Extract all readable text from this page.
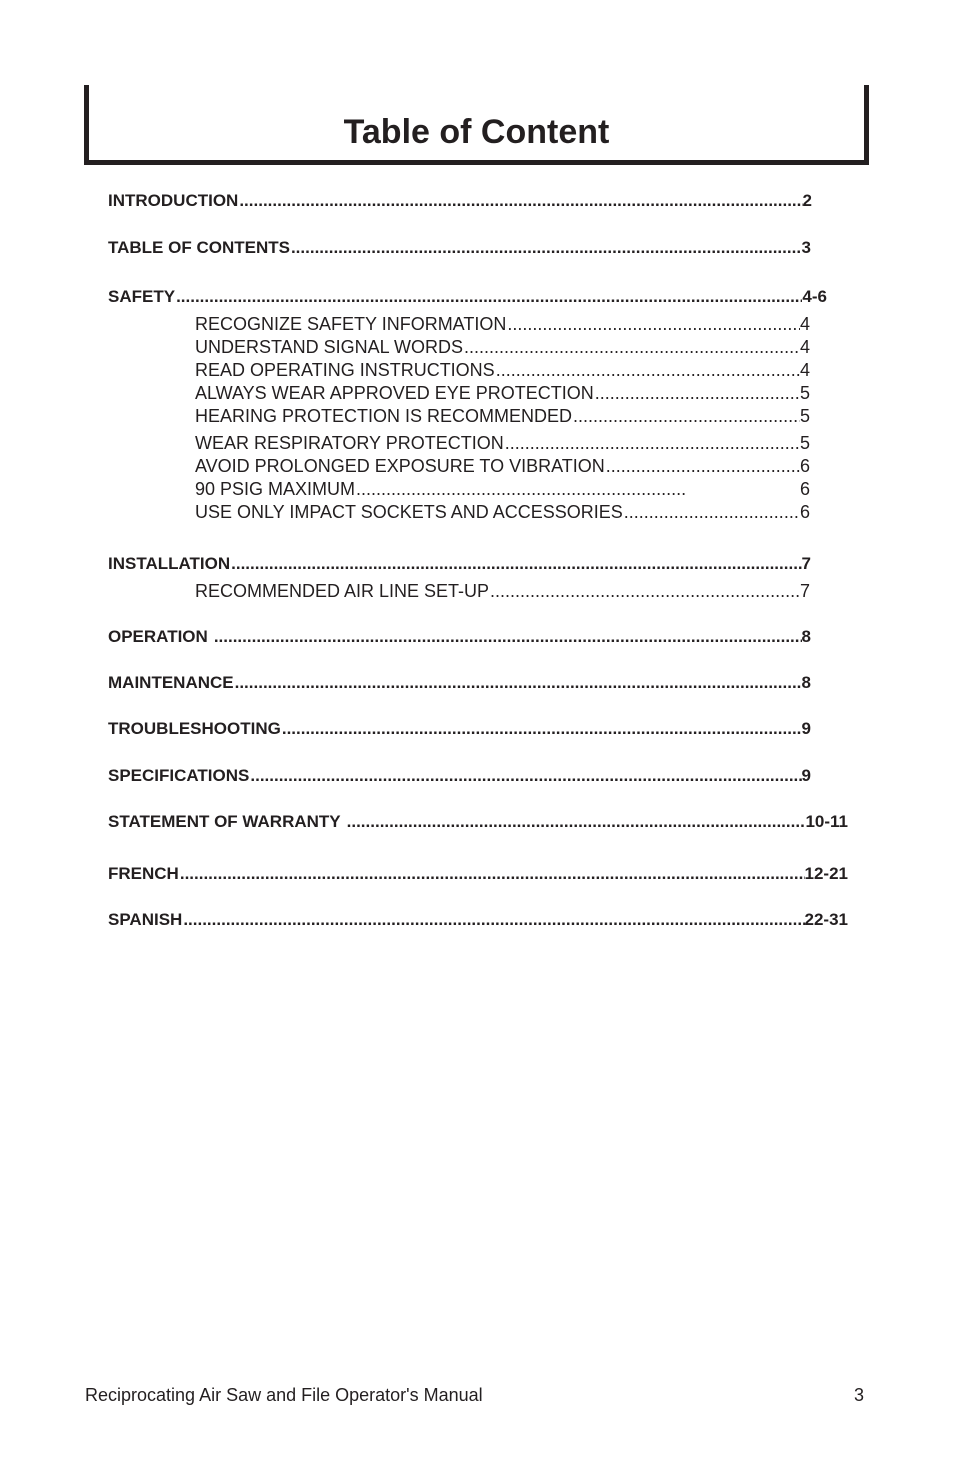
Table of Content
INTRODUCTION .....	2
TABLE OF CONTENTS .....	3
SAFETY .....	4-6
RECOGNIZE SAFETY INFORMATION .....	4
UNDERSTAND SIGNAL WORDS .....	4
READ OPERATING INSTRUCTIONS .....	4
ALWAYS WEAR APPROVED EYE PROTECTION .....	5
HEARING PROTECTION IS RECOMMENDED .....	5
WEAR RESPIRATORY PROTECTION .....	5
AVOID PROLONGED EXPOSURE TO VIBRATION .....	6
90 PSIG MAXIMUM .....	6
USE ONLY IMPACT SOCKETS AND ACCESSORIES .....	6
INSTALLATION .....	7
RECOMMENDED AIR LINE SET-UP .....	7
OPERATION .....	8
MAINTENANCE .....	8
TROUBLESHOOTING .....	9
SPECIFICATIONS .....	9
STATEMENT OF WARRANTY .....	10-11
FRENCH .....	12-21
SPANISH .....	22-31
Reciprocating Air Saw and File Operator's Manual	3
